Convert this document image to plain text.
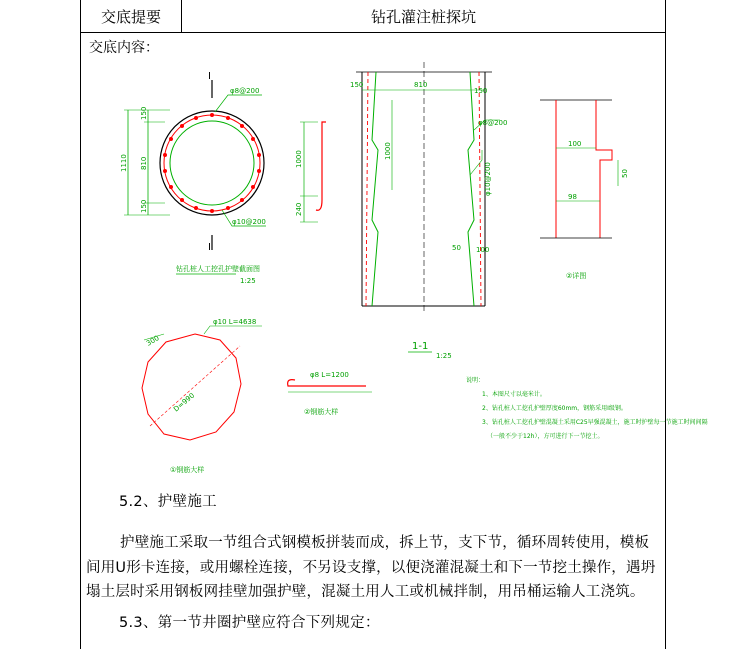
交底提要	钻孔灌注桩探坑
交底内容：
I
I
1110
150
810
150
φ8@200
φ10@200
钻孔桩人工挖孔护壁截面图
1:25
1000
240
150	810
150
1000
φ8@200
φ10@200
50 100
1-1
1:25
100
50
98
②详图
D=990
φ10 L=4638
300
①钢筋大样
φ8 L=1200
②钢筋大样
说明：
1、本图尺寸以毫米计。
2、钻孔桩人工挖孔护壁厚度60mm，钢筋采用I级钢。
3、钻孔桩人工挖孔护壁混凝土采用C25早强混凝土，施工时护壁每一节施工时间间隔
（一般不少于12h），方可进行下一节挖土。
5.2、护壁施工
护壁施工采取一节组合式钢模板拼装而成，拆上节，支下节，循环周转使用，模板间用U形卡连接，或用螺栓连接，不另设支撑，以便浇灌混凝土和下一节挖土操作，遇坍塌土层时采用钢板网挂壁加强护壁，混凝土用人工或机械拌制，用吊桶运输人工浇筑。
5.3、第一节井圈护壁应符合下列规定：
